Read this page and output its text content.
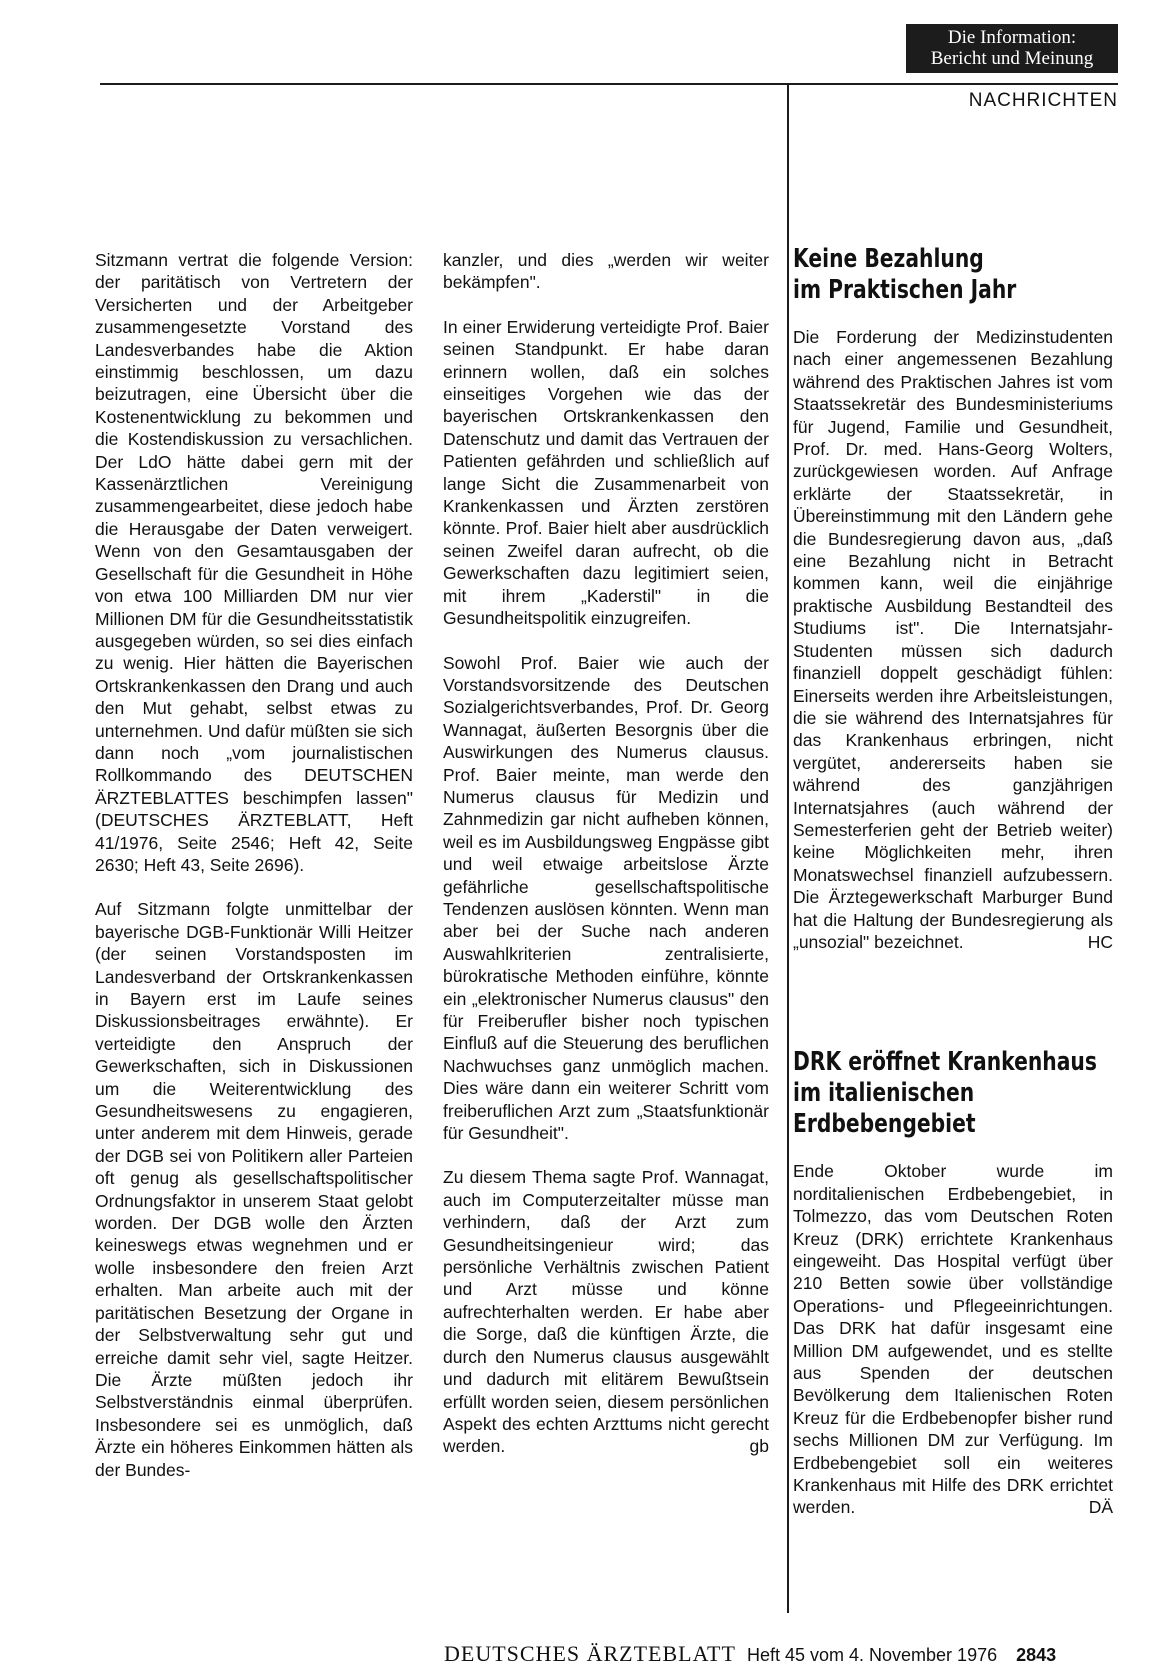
Die Information:
Bericht und Meinung
NACHRICHTEN

Sitzmann vertrat die folgende Version: der paritätisch von Vertretern der Versicherten und der Arbeitgeber zusammengesetzte Vorstand des Landesverbandes habe die Aktion einstimmig beschlossen, um dazu beizutragen, eine Übersicht über die Kostenentwicklung zu bekommen und die Kostendiskussion zu versachlichen. Der LdO hätte dabei gern mit der Kassenärztlichen Vereinigung zusammengearbeitet, diese jedoch habe die Herausgabe der Daten verweigert. Wenn von den Gesamtausgaben der Gesellschaft für die Gesundheit in Höhe von etwa 100 Milliarden DM nur vier Millionen DM für die Gesundheitsstatistik ausgegeben würden, so sei dies einfach zu wenig. Hier hätten die Bayerischen Ortskrankenkassen den Drang und auch den Mut gehabt, selbst etwas zu unternehmen. Und dafür müßten sie sich dann noch „vom journalistischen Rollkommando des DEUTSCHEN ÄRZTEBLATTES beschimpfen lassen" (DEUTSCHES ÄRZTEBLATT, Heft 41/1976, Seite 2546; Heft 42, Seite 2630; Heft 43, Seite 2696).

Auf Sitzmann folgte unmittelbar der bayerische DGB-Funktionär Willi Heitzer (der seinen Vorstandsposten im Landesverband der Ortskrankenkassen in Bayern erst im Laufe seines Diskussionsbeitrages erwähnte). Er verteidigte den Anspruch der Gewerkschaften, sich in Diskussionen um die Weiterentwicklung des Gesundheitswesens zu engagieren, unter anderem mit dem Hinweis, gerade der DGB sei von Politikern aller Parteien oft genug als gesellschaftspolitischer Ordnungsfaktor in unserem Staat gelobt worden. Der DGB wolle den Ärzten keineswegs etwas wegnehmen und er wolle insbesondere den freien Arzt erhalten. Man arbeite auch mit der paritätischen Besetzung der Organe in der Selbstverwaltung sehr gut und erreiche damit sehr viel, sagte Heitzer. Die Ärzte müßten jedoch ihr Selbstverständnis einmal überprüfen. Insbesondere sei es unmöglich, daß Ärzte ein höheres Einkommen hätten als der Bundes-

kanzler, und dies „werden wir weiter bekämpfen".

In einer Erwiderung verteidigte Prof. Baier seinen Standpunkt. Er habe daran erinnern wollen, daß ein solches einseitiges Vorgehen wie das der bayerischen Ortskrankenkassen den Datenschutz und damit das Vertrauen der Patienten gefährden und schließlich auf lange Sicht die Zusammenarbeit von Krankenkassen und Ärzten zerstören könnte. Prof. Baier hielt aber ausdrücklich seinen Zweifel daran aufrecht, ob die Gewerkschaften dazu legitimiert seien, mit ihrem „Kaderstil" in die Gesundheitspolitik einzugreifen.

Sowohl Prof. Baier wie auch der Vorstandsvorsitzende des Deutschen Sozialgerichtsverbandes, Prof. Dr. Georg Wannagat, äußerten Besorgnis über die Auswirkungen des Numerus clausus. Prof. Baier meinte, man werde den Numerus clausus für Medizin und Zahnmedizin gar nicht aufheben können, weil es im Ausbildungsweg Engpässe gibt und weil etwaige arbeitslose Ärzte gefährliche gesellschaftspolitische Tendenzen auslösen könnten. Wenn man aber bei der Suche nach anderen Auswahlkriterien zentralisierte, bürokratische Methoden einführe, könnte ein „elektronischer Numerus clausus" den für Freiberufler bisher noch typischen Einfluß auf die Steuerung des beruflichen Nachwuchses ganz unmöglich machen. Dies wäre dann ein weiterer Schritt vom freiberuflichen Arzt zum „Staatsfunktionär für Gesundheit".

Zu diesem Thema sagte Prof. Wannagat, auch im Computerzeitalter müsse man verhindern, daß der Arzt zum Gesundheitsingenieur wird; das persönliche Verhältnis zwischen Patient und Arzt müsse und könne aufrechterhalten werden. Er habe aber die Sorge, daß die künftigen Ärzte, die durch den Numerus clausus ausgewählt und dadurch mit elitärem Bewußtsein erfüllt worden seien, diesem persönlichen Aspekt des echten Arzttums nicht gerecht werden.	gb

Keine Bezahlung
im Praktischen Jahr

Die Forderung der Medizinstudenten nach einer angemessenen Bezahlung während des Praktischen Jahres ist vom Staatssekretär des Bundesministeriums für Jugend, Familie und Gesundheit, Prof. Dr. med. Hans-Georg Wolters, zurückgewiesen worden. Auf Anfrage erklärte der Staatssekretär, in Übereinstimmung mit den Ländern gehe die Bundesregierung davon aus, „daß eine Bezahlung nicht in Betracht kommen kann, weil die einjährige praktische Ausbildung Bestandteil des Studiums ist". Die Internatsjahr-Studenten müssen sich dadurch finanziell doppelt geschädigt fühlen: Einerseits werden ihre Arbeitsleistungen, die sie während des Internatsjahres für das Krankenhaus erbringen, nicht vergütet, andererseits haben sie während des ganzjährigen Internatsjahres (auch während der Semesterferien geht der Betrieb weiter) keine Möglichkeiten mehr, ihren Monatswechsel finanziell aufzubessern. Die Ärztegewerkschaft Marburger Bund hat die Haltung der Bundesregierung als „unsozial" bezeichnet.	HC

DRK eröffnet Krankenhaus
im italienischen
Erdbebengebiet

Ende Oktober wurde im norditalienischen Erdbebengebiet, in Tolmezzo, das vom Deutschen Roten Kreuz (DRK) errichtete Krankenhaus eingeweiht. Das Hospital verfügt über 210 Betten sowie über vollständige Operations- und Pflegeeinrichtungen. Das DRK hat dafür insgesamt eine Million DM aufgewendet, und es stellte aus Spenden der deutschen Bevölkerung dem Italienischen Roten Kreuz für die Erdbebenopfer bisher rund sechs Millionen DM zur Verfügung. Im Erdbebengebiet soll ein weiteres Krankenhaus mit Hilfe des DRK errichtet werden.	DÄ

DEUTSCHES ÄRZTEBLATT Heft 45 vom 4. November 1976 2843
